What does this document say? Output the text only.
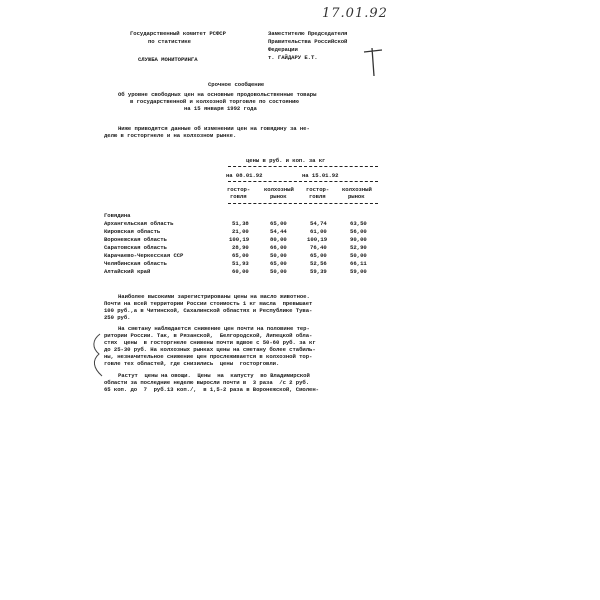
17.01.92
Государственный комитет РСФСР
по статистике
СЛУЖБА МОНИТОРИНГА
Заместителю Председателя
Правительства Российской
Федерации
т. ГАЙДАРУ Е.Т.
Срочное сообщение
Об уровне свободных цен на основные продовольственные товары
в государственной и колхозной торговле по состоянию
на 15 января 1992 года
Ниже приводятся данные об изменении цен на говядину за не-
делю в госторгнеле и на колхозном рынке.
цены в руб. и коп. за кг
на 08.01.92	на 15.01.92
гостор-
говля
колхозный
рынок
гостор-
говля
колхозный
рынок
Говядина
Архангельская область	51,38	65,00	54,74	63,50
Кировская область	21,00	54,44	61,00	56,00
Воронежская область	100,19	80,00	100,19	90,00
Саратовская область	28,90	66,00	76,40	52,90
Карачаево-Черкесская ССР	65,00	50,00	65,00	50,00
Челябинская область	51,93	65,00	52,56	66,11
Алтайский край	60,00	50,00	59,39	59,00
Наиболее высокими зарегистрированы цены на масло животное.
Почти на всей территории России стоимость 1 кг масла  превышает
100 руб.,а в Читинской, Сахалинской областях и Республике Тува-
250 руб.
На сметану наблюдается снижение цен почти на половине тер-
ритории России. Так, в Рязанской,  Белгородской, Липецкой обла-
стях  цены  в госторгнеле снижены почти вдвое с 50-60 руб. за кг
до 25-30 руб. На колхозных рынках цены на сметану более стабиль-
ны, незначительное снижение цен прослеживается в колхозной тор-
говле тех областей, где снизились  цены  госторговли.
Растут  цены на овощи.  Цены  на  капусту  во Владимирской
области за последние неделю выросли почти в  3 раза  /с 2 руб.
65 коп. до  7  руб.13 коп./,  в 1,5-2 раза в Воронежской, Смолен-
